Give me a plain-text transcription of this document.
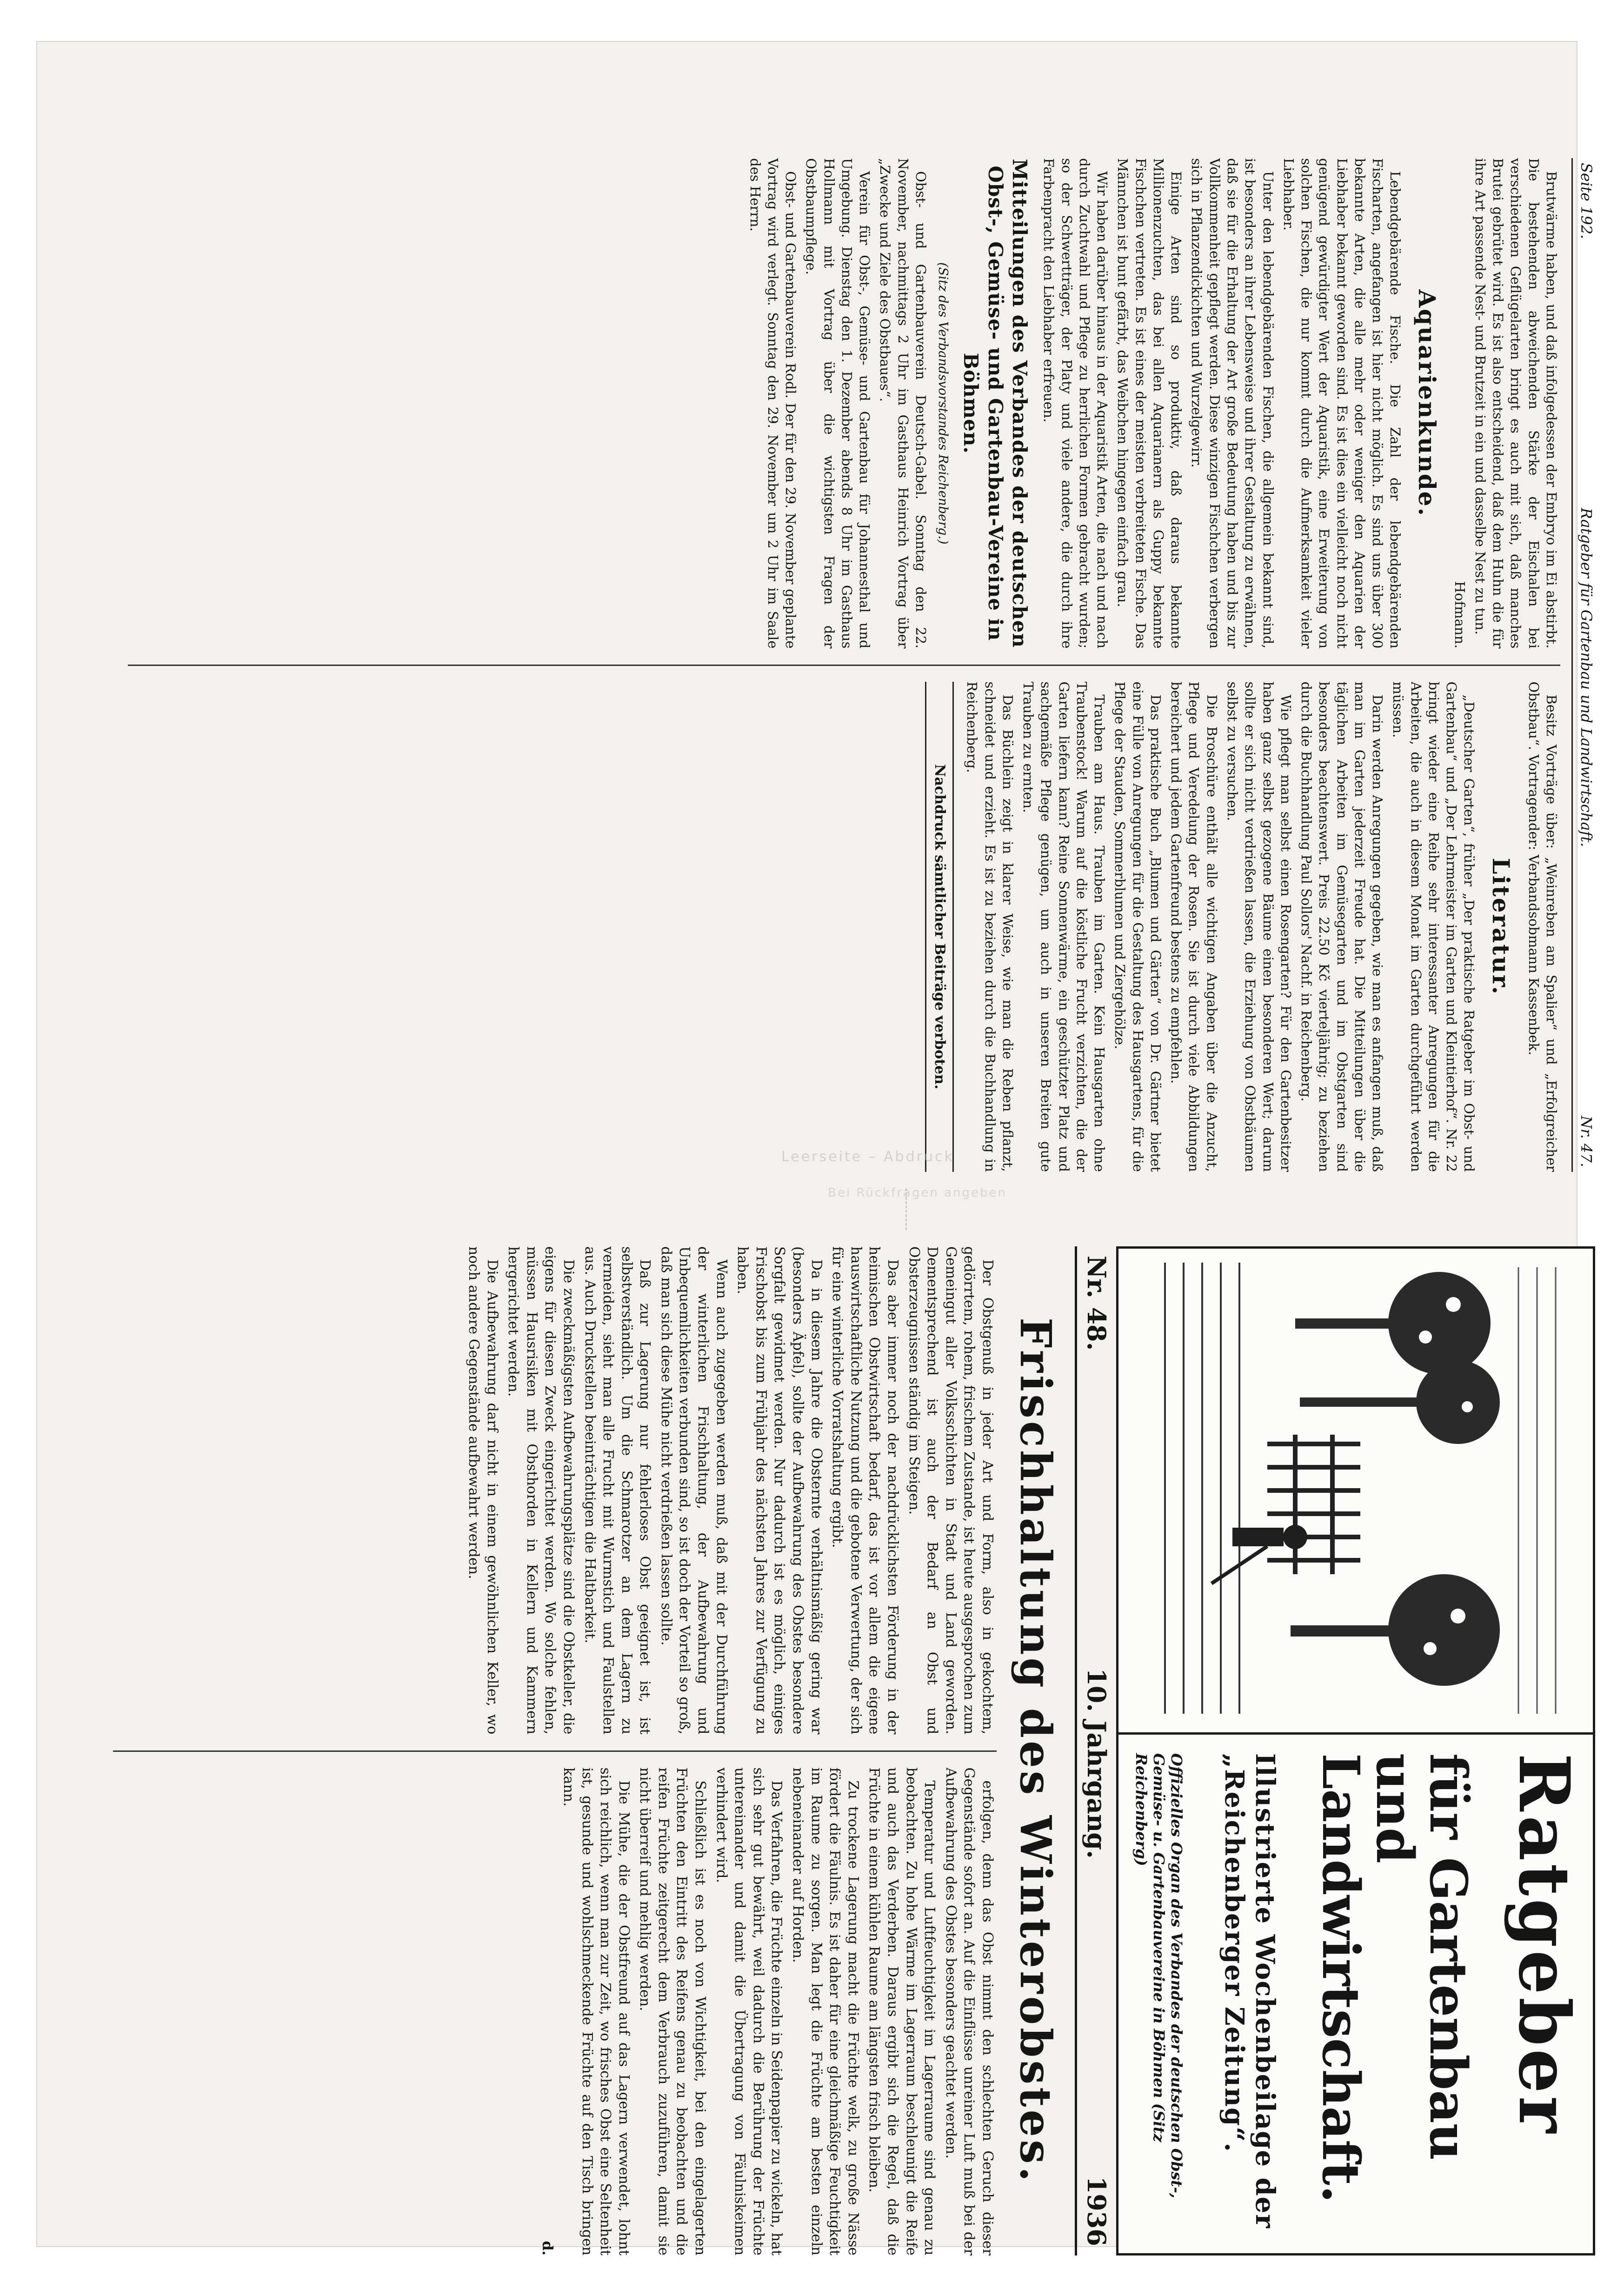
Seite 192.
Ratgeber für Gartenbau und Landwirtschaft.
Nr. 47.

Brutwärme haben, und daß infolgedessen der Embryo im Ei abstirbt. Die bestehenden abweichenden Stärke der Eischalen bei verschiedenen Geflügelarten bringt es auch mit sich, daß manches Brutei gebrütet wird. Es ist also entscheidend, daß dem Huhn die für ihre Art passende Nest- und Brutzeit in ein und dasselbe Nest zu tun.

Hofmann.

Aquarienkunde.

Lebendgebärende Fische. Die Zahl der lebendgebärenden Fischarten, angefangen ist hier nicht möglich. Es sind uns über 300 bekannte Arten, die alle mehr oder weniger den Aquarien der Liebhaber bekannt geworden sind. Es ist dies ein vielleicht noch nicht genügend gewürdigter Wert der Aquaristik, eine Erweiterung von solchen Fischen, die nur kommt durch die Aufmerksamkeit vieler Liebhaber.

Unter den lebendgebärenden Fischen, die allgemein bekannt sind, ist besonders an ihrer Lebensweise und ihrer Gestaltung zu erwähnen, daß sie für die Erhaltung der Art große Bedeutung haben und bis zur Vollkommenheit gepflegt werden. Diese winzigen Fischchen verbergen sich in Pflanzendickichten und Wurzelgewirr.

Einige Arten sind so produktiv, daß daraus bekannte Millionenzuchten, das bei allen Aquarianern als Guppy bekannte Fischchen vertreten. Es ist eines der meisten verbreiteten Fische. Das Männchen ist bunt gefärbt, das Weibchen hingegen einfach grau.

Wir haben darüber hinaus in der Aquaristik Arten, die nach und nach durch Zuchtwahl und Pflege zu herrlichen Formen gebracht wurden; so der Schwertträger, der Platy und viele andere, die durch ihre Farbenpracht den Liebhaber erfreuen.

Mitteilungen des Verbandes der deutschen Obst-, Gemüse- und Gartenbau-Vereine in Böhmen.
(Sitz des Verbandsvorstandes Reichenberg.)

Obst- und Gartenbauverein Deutsch-Gabel. Sonntag den 22. November, nachmittags 2 Uhr im Gasthaus Heinrich Vortrag über „Zwecke und Ziele des Obstbaues“.

Verein für Obst-, Gemüse- und Gartenbau für Johannesthal und Umgebung. Dienstag den 1. Dezember abends 8 Uhr im Gasthaus Hollmann mit Vortrag über die wichtigsten Fragen der Obstbaumpflege.

Obst- und Gartenbauverein Rodl. Der für den 29. November geplante Vortrag wird verlegt. Sonntag den 29. November um 2 Uhr im Saale des Herrn.

Besitz Vorträge über: „Weinreben am Spalier“ und „Erfolgreicher Obstbau“. Vortragender: Verbandsobmann Kassenbek.

Literatur.

„Deutscher Garten“, früher „Der praktische Ratgeber im Obst- und Gartenbau“ und „Der Lehrmeister im Garten und Kleintierhof“. Nr. 22 bringt wieder eine Reihe sehr interessanter Anregungen für die Arbeiten, die auch in diesem Monat im Garten durchgeführt werden müssen.

Darin werden Anregungen gegeben, wie man es anfangen muß, daß man im Garten jederzeit Freude hat. Die Mitteilungen über die täglichen Arbeiten im Gemüsegarten und im Obstgarten sind besonders beachtenswert. Preis 22.50 Kč vierteljährig; zu beziehen durch die Buchhandlung Paul Sollors' Nachf. in Reichenberg.

Wie pflegt man selbst einen Rosengarten? Für den Gartenbesitzer haben ganz selbst gezogene Bäume einen besonderen Wert; darum sollte er sich nicht verdrießen lassen, die Erziehung von Obstbäumen selbst zu versuchen.

Die Broschüre enthält alle wichtigen Angaben über die Anzucht, Pflege und Veredelung der Rosen. Sie ist durch viele Abbildungen bereichert und jedem Gartenfreund bestens zu empfehlen.

Das praktische Buch „Blumen und Gärten“ von Dr. Gärtner bietet eine Fülle von Anregungen für die Gestaltung des Hausgartens, für die Pflege der Stauden, Sommerblumen und Ziergehölze.

Trauben am Haus. Trauben im Garten. Kein Hausgarten ohne Traubenstock! Warum auf die köstliche Frucht verzichten, die der Garten liefern kann? Reine Sonnenwärme, ein geschützter Platz und sachgemäße Pflege genügen, um auch in unseren Breiten gute Trauben zu ernten.

Das Büchlein zeigt in klarer Weise, wie man die Reben pflanzt, schneidet und erzieht. Es ist zu beziehen durch die Buchhandlung in Reichenberg.

Nachdruck sämtlicher Beiträge verboten.
Ratgeber
für Gartenbau und Landwirtschaft.
Illustrierte Wochenbeilage der „Reichenberger Zeitung“.
Offizielles Organ des Verbandes der deutschen Obst-, Gemüse- u. Gartenbauvereine in Böhmen (Sitz Reichenberg)
Nr. 48.
10. Jahrgang.
1936
Frischhaltung des Winterobstes.

Der Obstgenuß in jeder Art und Form, also in gekochtem, gedörrtem, rohem, frischem Zustande, ist heute ausgesprochen zum Gemeingut aller Volksschichten in Stadt und Land geworden. Dementsprechend ist auch der Bedarf an Obst und Obsterzeugnissen ständig im Steigen.

Das aber immer noch der nachdrücklichsten Förderung in der heimischen Obstwirtschaft bedarf, das ist vor allem die eigene hauswirtschaftliche Nutzung und die gebotene Verwertung, der sich für eine winterliche Vorratshaltung ergibt.

Da in diesem Jahre die Obsternte verhältnismäßig gering war (besonders Äpfel), sollte der Aufbewahrung des Obstes besondere Sorgfalt gewidmet werden. Nur dadurch ist es möglich, einiges Frischobst bis zum Frühjahr des nächsten Jahres zur Verfügung zu haben.

Wenn auch zugegeben werden muß, daß mit der Durchführung der winterlichen Frischhaltung, der Aufbewahrung und Unbequemlichkeiten verbunden sind, so ist doch der Vorteil so groß, daß man sich diese Mühe nicht verdrießen lassen sollte.

Daß zur Lagerung nur fehlerloses Obst geeignet ist, ist selbstverständlich. Um die Schmarotzer an dem Lagern zu vermeiden, sieht man alle Frucht mit Wurmstich und Faulstellen aus. Auch Druckstellen beeinträchtigen die Haltbarkeit.

Die zweckmäßigsten Aufbewahrungsplätze sind die Obstkeller, die eigens für diesen Zweck eingerichtet werden. Wo solche fehlen, müssen Hausrisiken mit Obsthorden in Kellern und Kammern hergerichtet werden.

Die Aufbewahrung darf nicht in einem gewöhnlichen Keller, wo noch andere Gegenstände aufbewahrt werden.

erfolgen, denn das Obst nimmt den schlechten Geruch dieser Gegenstände sofort an. Auf die Einflüsse unreiner Luft muß bei der Aufbewahrung des Obstes besonders geachtet werden.

Temperatur und Luftfeuchtigkeit im Lagerraume sind genau zu beobachten. Zu hohe Wärme im Lagerraum beschleunigt die Reife und auch das Verderben. Daraus ergibt sich die Regel, daß die Früchte in einem kühlen Raume am längsten frisch bleiben.

Zu trockene Lagerung macht die Früchte welk, zu große Nässe fördert die Fäulnis. Es ist daher für eine gleichmäßige Feuchtigkeit im Raume zu sorgen. Man legt die Früchte am besten einzeln nebeneinander auf Horden.

Das Verfahren, die Früchte einzeln in Seidenpapier zu wickeln, hat sich sehr gut bewährt, weil dadurch die Berührung der Früchte untereinander und damit die Übertragung von Fäulniskeimen verhindert wird.

Schließlich ist es noch von Wichtigkeit, bei den eingelagerten Früchten den Eintritt des Reifens genau zu beobachten und die reifen Früchte zeitgerecht dem Verbrauch zuzuführen, damit sie nicht überreif und mehlig werden.

Die Mühe, die der Obstfreund auf das Lagern verwendet, lohnt sich reichlich, wenn man zur Zeit, wo frisches Obst eine Seltenheit ist, gesunde und wohlschmeckende Früchte auf den Tisch bringen kann.

d.

Leerseite – Abdruck
Bei Rückfragen angeben
